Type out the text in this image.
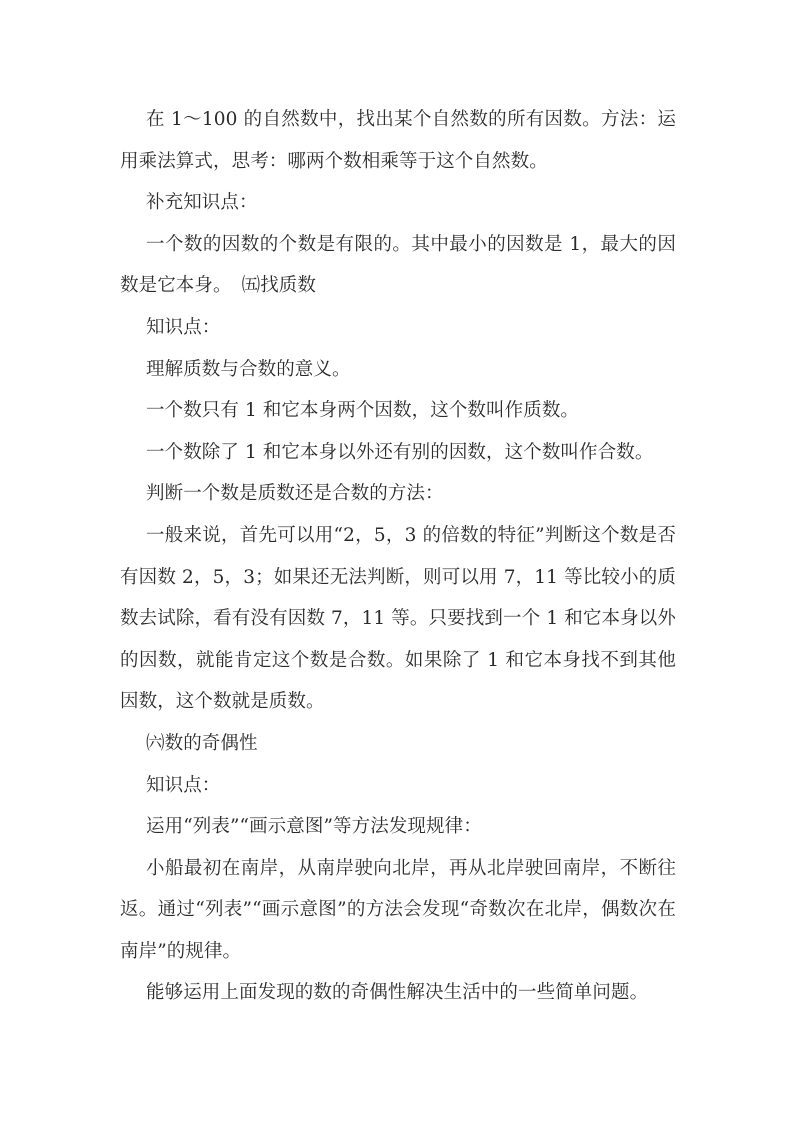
在 1～100 的自然数中，找出某个自然数的所有因数。方法：运用乘法算式，思考：哪两个数相乘等于这个自然数。

补充知识点：

一个数的因数的个数是有限的。其中最小的因数是 1，最大的因数是它本身。 ㈤找质数

知识点：

理解质数与合数的意义。

一个数只有 1 和它本身两个因数，这个数叫作质数。

一个数除了 1 和它本身以外还有别的因数，这个数叫作合数。

判断一个数是质数还是合数的方法：

一般来说，首先可以用“2，5，3 的倍数的特征”判断这个数是否有因数 2，5，3；如果还无法判断，则可以用 7，11 等比较小的质数去试除，看有没有因数 7，11 等。只要找到一个 1 和它本身以外的因数，就能肯定这个数是合数。如果除了 1 和它本身找不到其他因数，这个数就是质数。

㈥数的奇偶性

知识点：

运用“列表”“画示意图”等方法发现规律：

小船最初在南岸，从南岸驶向北岸，再从北岸驶回南岸，不断往返。通过“列表”“画示意图”的方法会发现“奇数次在北岸，偶数次在南岸”的规律。

能够运用上面发现的数的奇偶性解决生活中的一些简单问题。
